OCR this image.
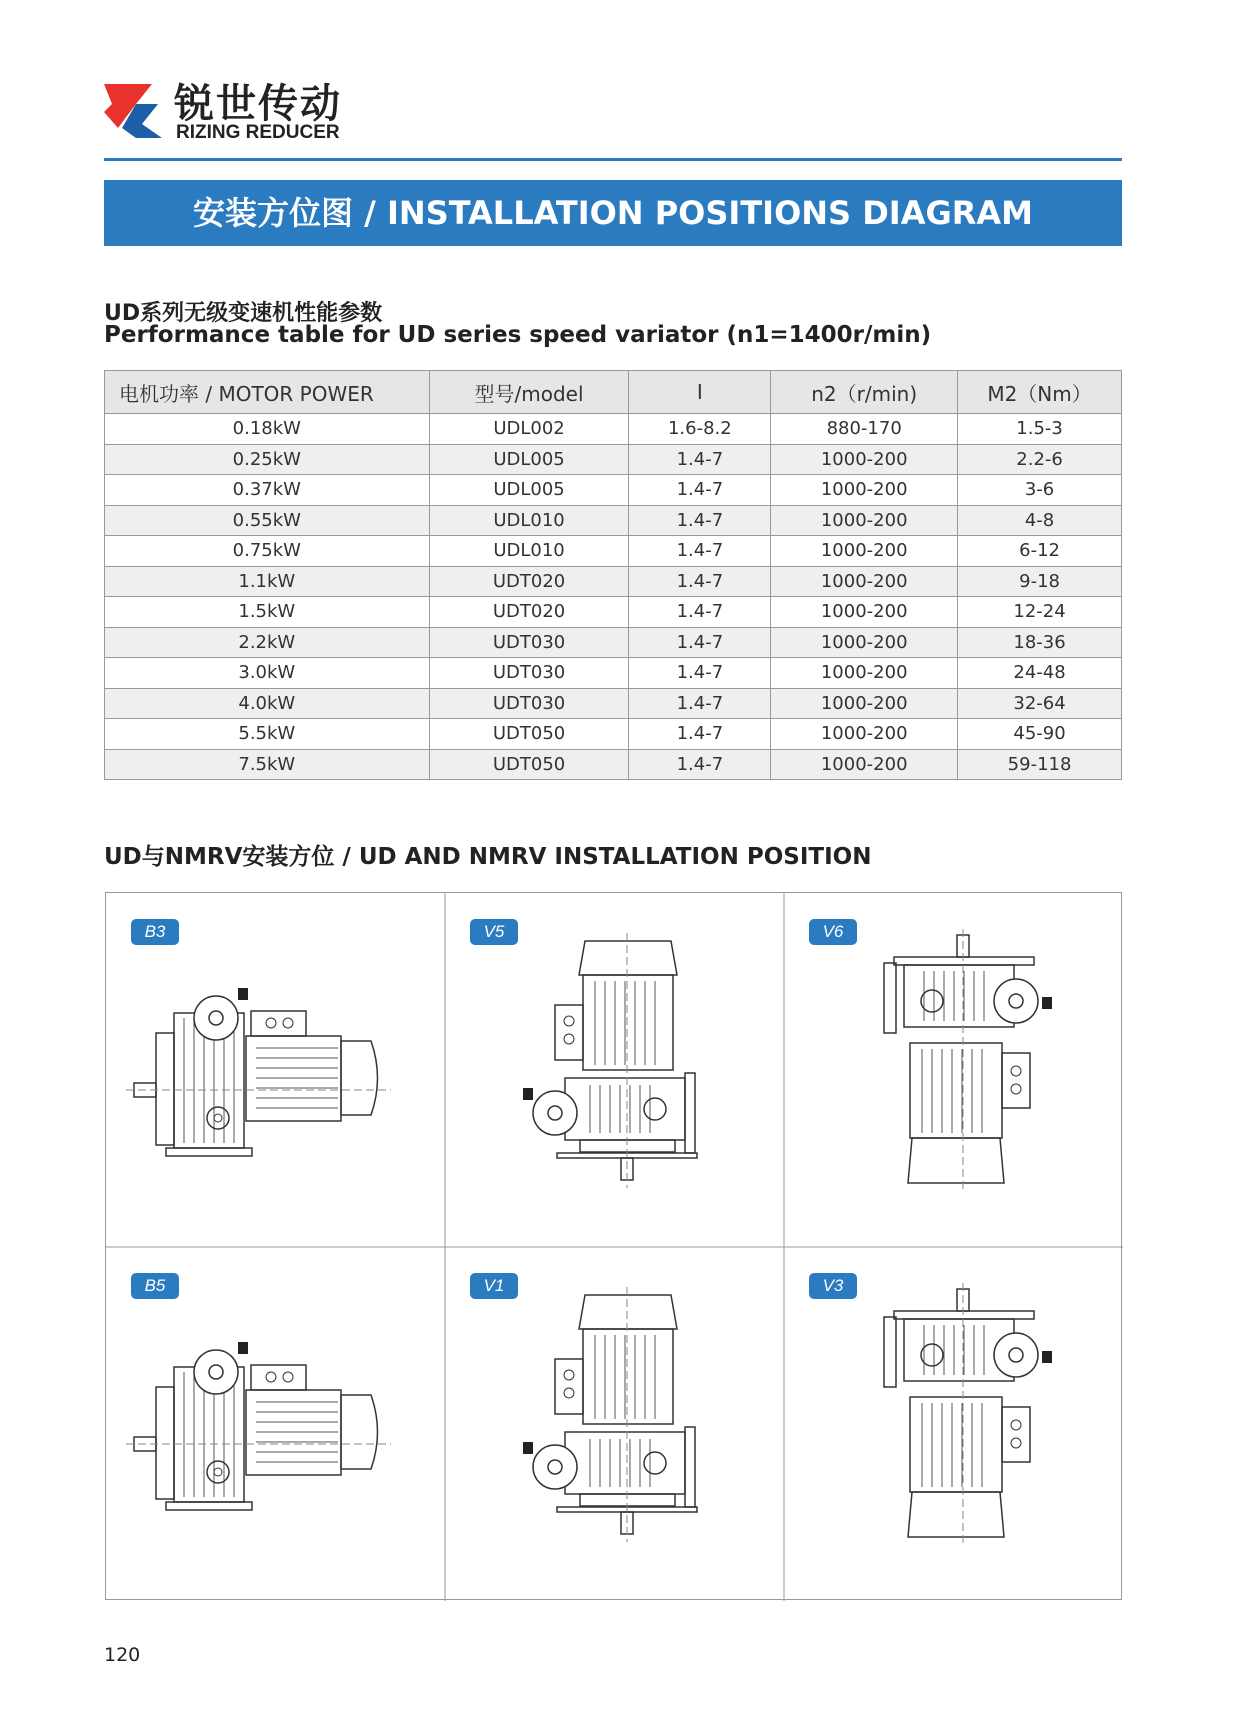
锐世传动
RIZING REDUCER
安装方位图 / INSTALLATION POSITIONS DIAGRAM
UD系列无级变速机性能参数
Performance table for UD series speed variator (n1=1400r/min)
电机功率 / MOTOR POWER	型号/model	I	n2（r/min)	M2（Nm）
0.18kW	UDL002	1.6-8.2	880-170	1.5-3
0.25kW	UDL005	1.4-7	1000-200	2.2-6
0.37kW	UDL005	1.4-7	1000-200	3-6
0.55kW	UDL010	1.4-7	1000-200	4-8
0.75kW	UDL010	1.4-7	1000-200	6-12
1.1kW	UDT020	1.4-7	1000-200	9-18
1.5kW	UDT020	1.4-7	1000-200	12-24
2.2kW	UDT030	1.4-7	1000-200	18-36
3.0kW	UDT030	1.4-7	1000-200	24-48
4.0kW	UDT030	1.4-7	1000-200	32-64
5.5kW	UDT050	1.4-7	1000-200	45-90
7.5kW	UDT050	1.4-7	1000-200	59-118
UD与NMRV安装方位 / UD AND NMRV INSTALLATION POSITION
B3	V5	V6
B5	V1	V3
120
